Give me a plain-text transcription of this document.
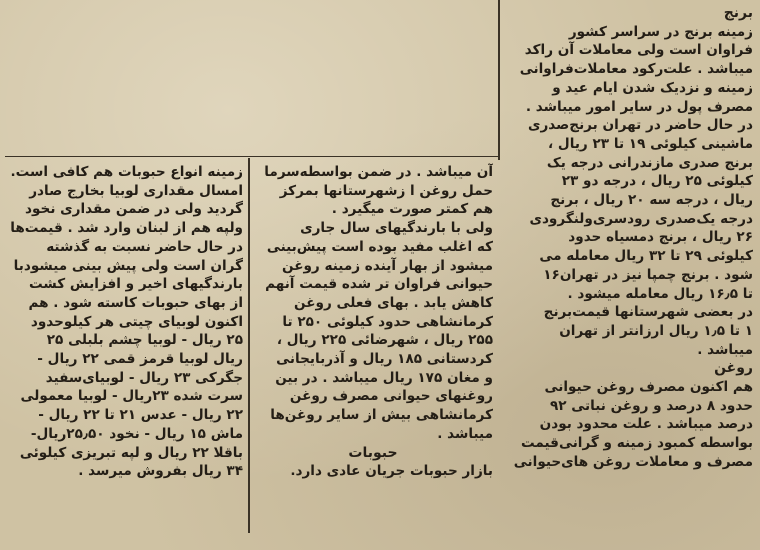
برنج
زمینه برنج در سراسر کشور
فراوان است ولی معاملات آن راکد
میباشد . علت‌رکود معاملات‌فراوانی
زمینه و نزدیک شدن ایام عید و
مصرف پول در سایر امور میباشد .
در حال حاضر در تهران برنج‌صدری
ماشینی کیلوئی ۱۹ تا ۲۳ ریال ،
برنج صدری مازندرانی درجه یک
کیلوئی ۲۵ ریال ، درجه دو ۲۳
ریال ، درجه سه ۲۰ ریال ، برنج
درجه یک‌صدری رودسری‌ولنگرودی
۲۶ ریال ، برنج دمسیاه حدود
کیلوئی ۲۹ تا ۳۲ ریال معامله می
شود . برنج چمپا نیز در تهران۱۶
تا ۱۶٫۵ ریال معامله میشود .
در بعضی شهرستانها قیمت‌برنج
۱ تا ۱٫۵ ریال ارزانتر از تهران
میباشد .
روغن
هم اکنون مصرف روغن حیوانی
حدود ۸ درصد و روغن نباتی ۹۲
درصد میباشد . علت محدود بودن
بواسطه کمبود زمینه و گرانی‌قیمت
مصرف و معاملات روغن های‌حیوانی
آن میباشد . در ضمن بواسطه‌سرما
حمل روغن ا زشهرستانها بمرکز
هم کمتر صورت میگیرد .
ولی با بارندگیهای سال جاری
که اغلب مفید بوده است پیش‌بینی
میشود از بهار آینده زمینه روغن
حیوانی فراوان تر شده قیمت آنهم
کاهش یابد . بهای فعلی روغن
کرمانشاهی حدود کیلوئی ۲۵۰ تا
۲۵۵ ریال ، شهرضائی ۲۲۵ ریال ،
کردستانی ۱۸۵ ریال و آذربایجانی
و مغان ۱۷۵ ریال میباشد . در بین
روغنهای حیوانی مصرف روغن
کرمانشاهی بیش از سایر روغن‌ها
میباشد .
حبوبات
بازار حبوبات جریان عادی دارد.
زمینه انواع حبوبات هم کافی است.
امسال مقداری لوبیا بخارج صادر
گردید ولی در ضمن مقداری نخود
ولپه هم از لبنان وارد شد . قیمت‌ها
در حال حاضر نسبت به گذشته
گران است ولی پیش بینی میشودبا
بارندگیهای اخیر و افزایش کشت
از بهای حبوبات کاسته شود . هم
اکنون لوبیای چیتی هر کیلوحدود
۲۵ ریال - لوبیا چشم بلبلی ۲۵
ریال لوبیا قرمز قمی ۲۲ ریال -
جگرکی ۲۳ ریال - لوبیای‌سفید
سرت شده ۲۳ریال - لوبیا معمولی
۲۲ ریال - عدس ۲۱ تا ۲۲ ریال -
ماش ۱۵ ریال - نخود ۲۵٫۵۰ریال-
باقلا ۲۲ ریال و لپه تبریزی کیلوئی
۳۴ ریال بفروش میرسد .
